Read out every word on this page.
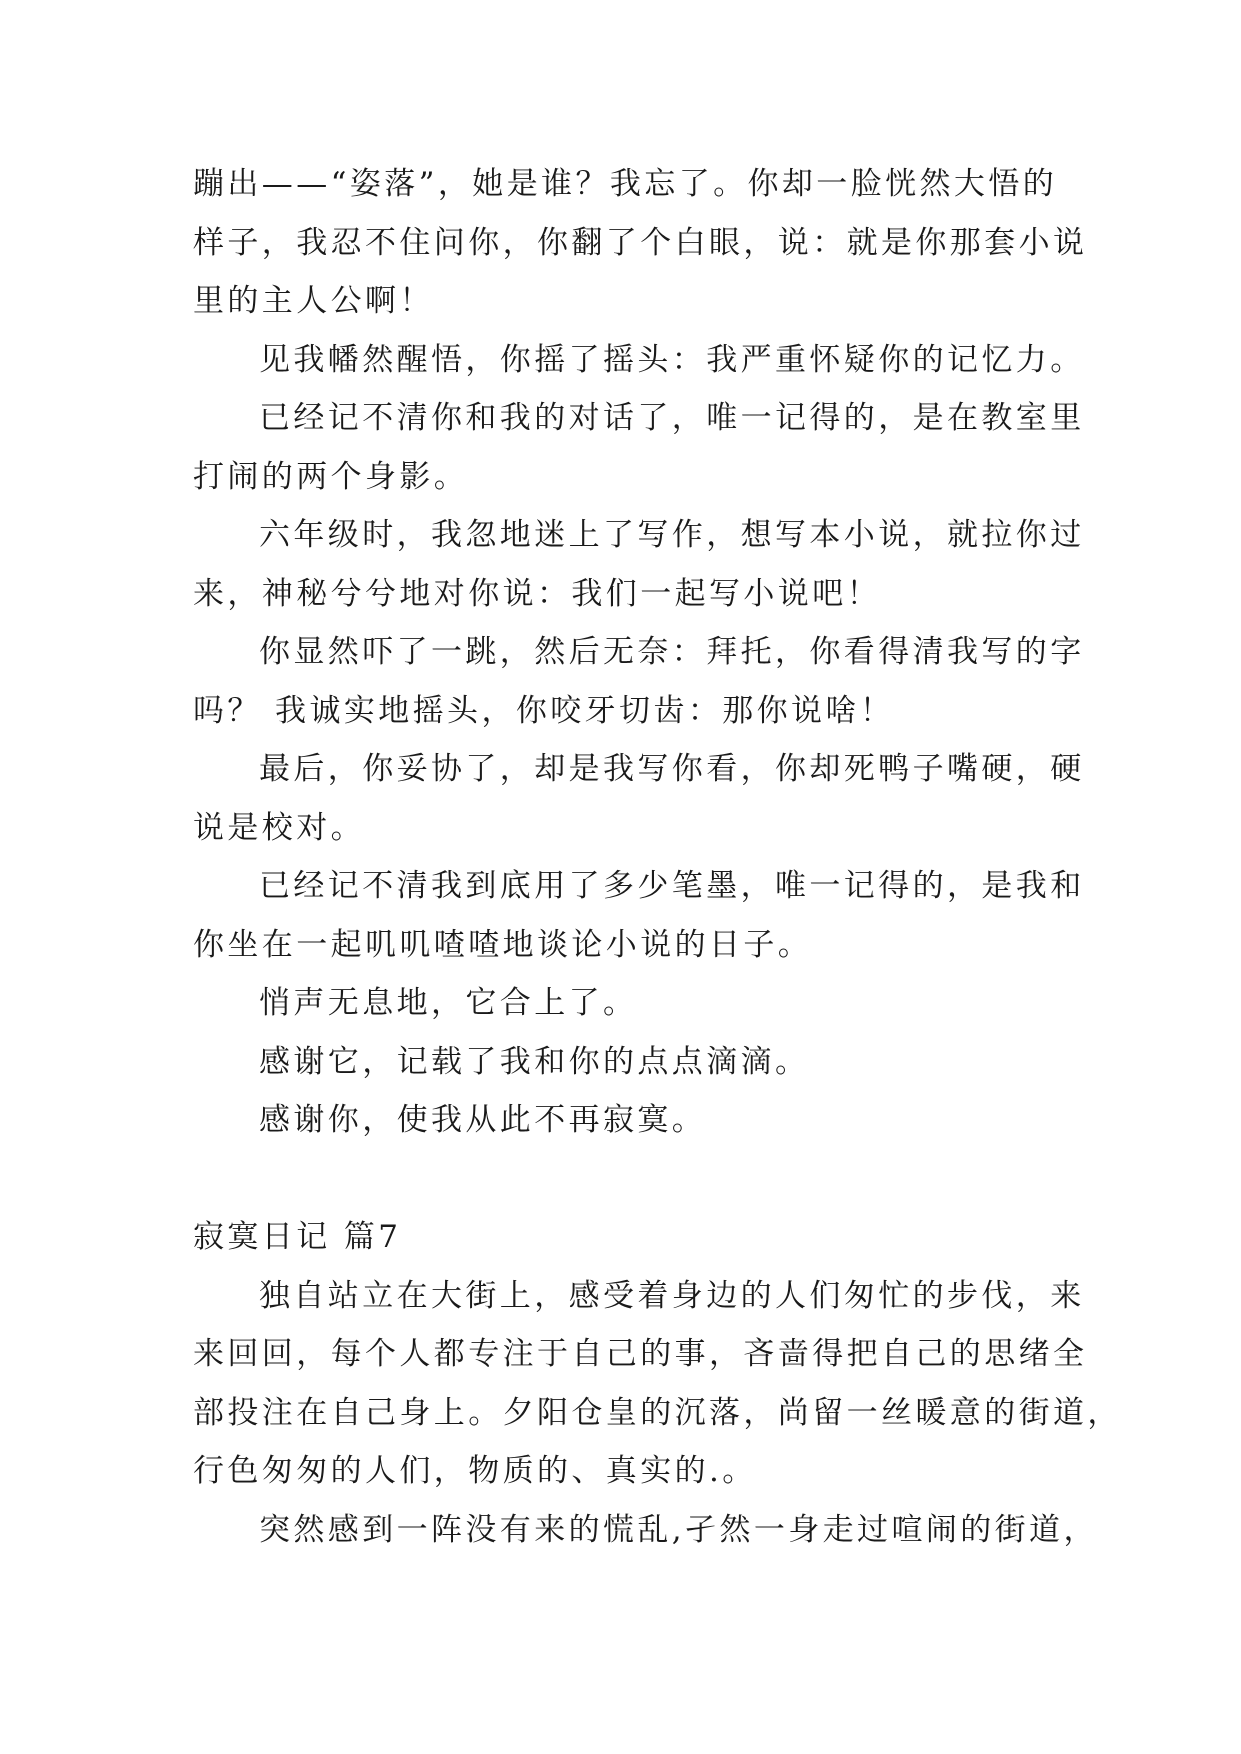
蹦出——“姿落”，她是谁？我忘了。你却一脸恍然大悟的

样子，我忍不住问你，你翻了个白眼，说：就是你那套小说

里的主人公啊！

见我幡然醒悟，你摇了摇头：我严重怀疑你的记忆力。

已经记不清你和我的对话了，唯一记得的，是在教室里

打闹的两个身影。

六年级时，我忽地迷上了写作，想写本小说，就拉你过

来，神秘兮兮地对你说：我们一起写小说吧！

你显然吓了一跳，然后无奈：拜托，你看得清我写的字

吗？ 我诚实地摇头，你咬牙切齿：那你说啥！

最后，你妥协了，却是我写你看，你却死鸭子嘴硬，硬

说是校对。

已经记不清我到底用了多少笔墨，唯一记得的，是我和

你坐在一起叽叽喳喳地谈论小说的日子。

悄声无息地，它合上了。

感谢它，记载了我和你的点点滴滴。

感谢你，使我从此不再寂寞。

寂寞日记 篇7

独自站立在大街上，感受着身边的人们匆忙的步伐，来

来回回，每个人都专注于自己的事，吝啬得把自己的思绪全

部投注在自己身上。夕阳仓皇的沉落，尚留一丝暖意的街道，

行色匆匆的人们，物质的、真实的.。

突然感到一阵没有来的慌乱,孑然一身走过喧闹的街道，
